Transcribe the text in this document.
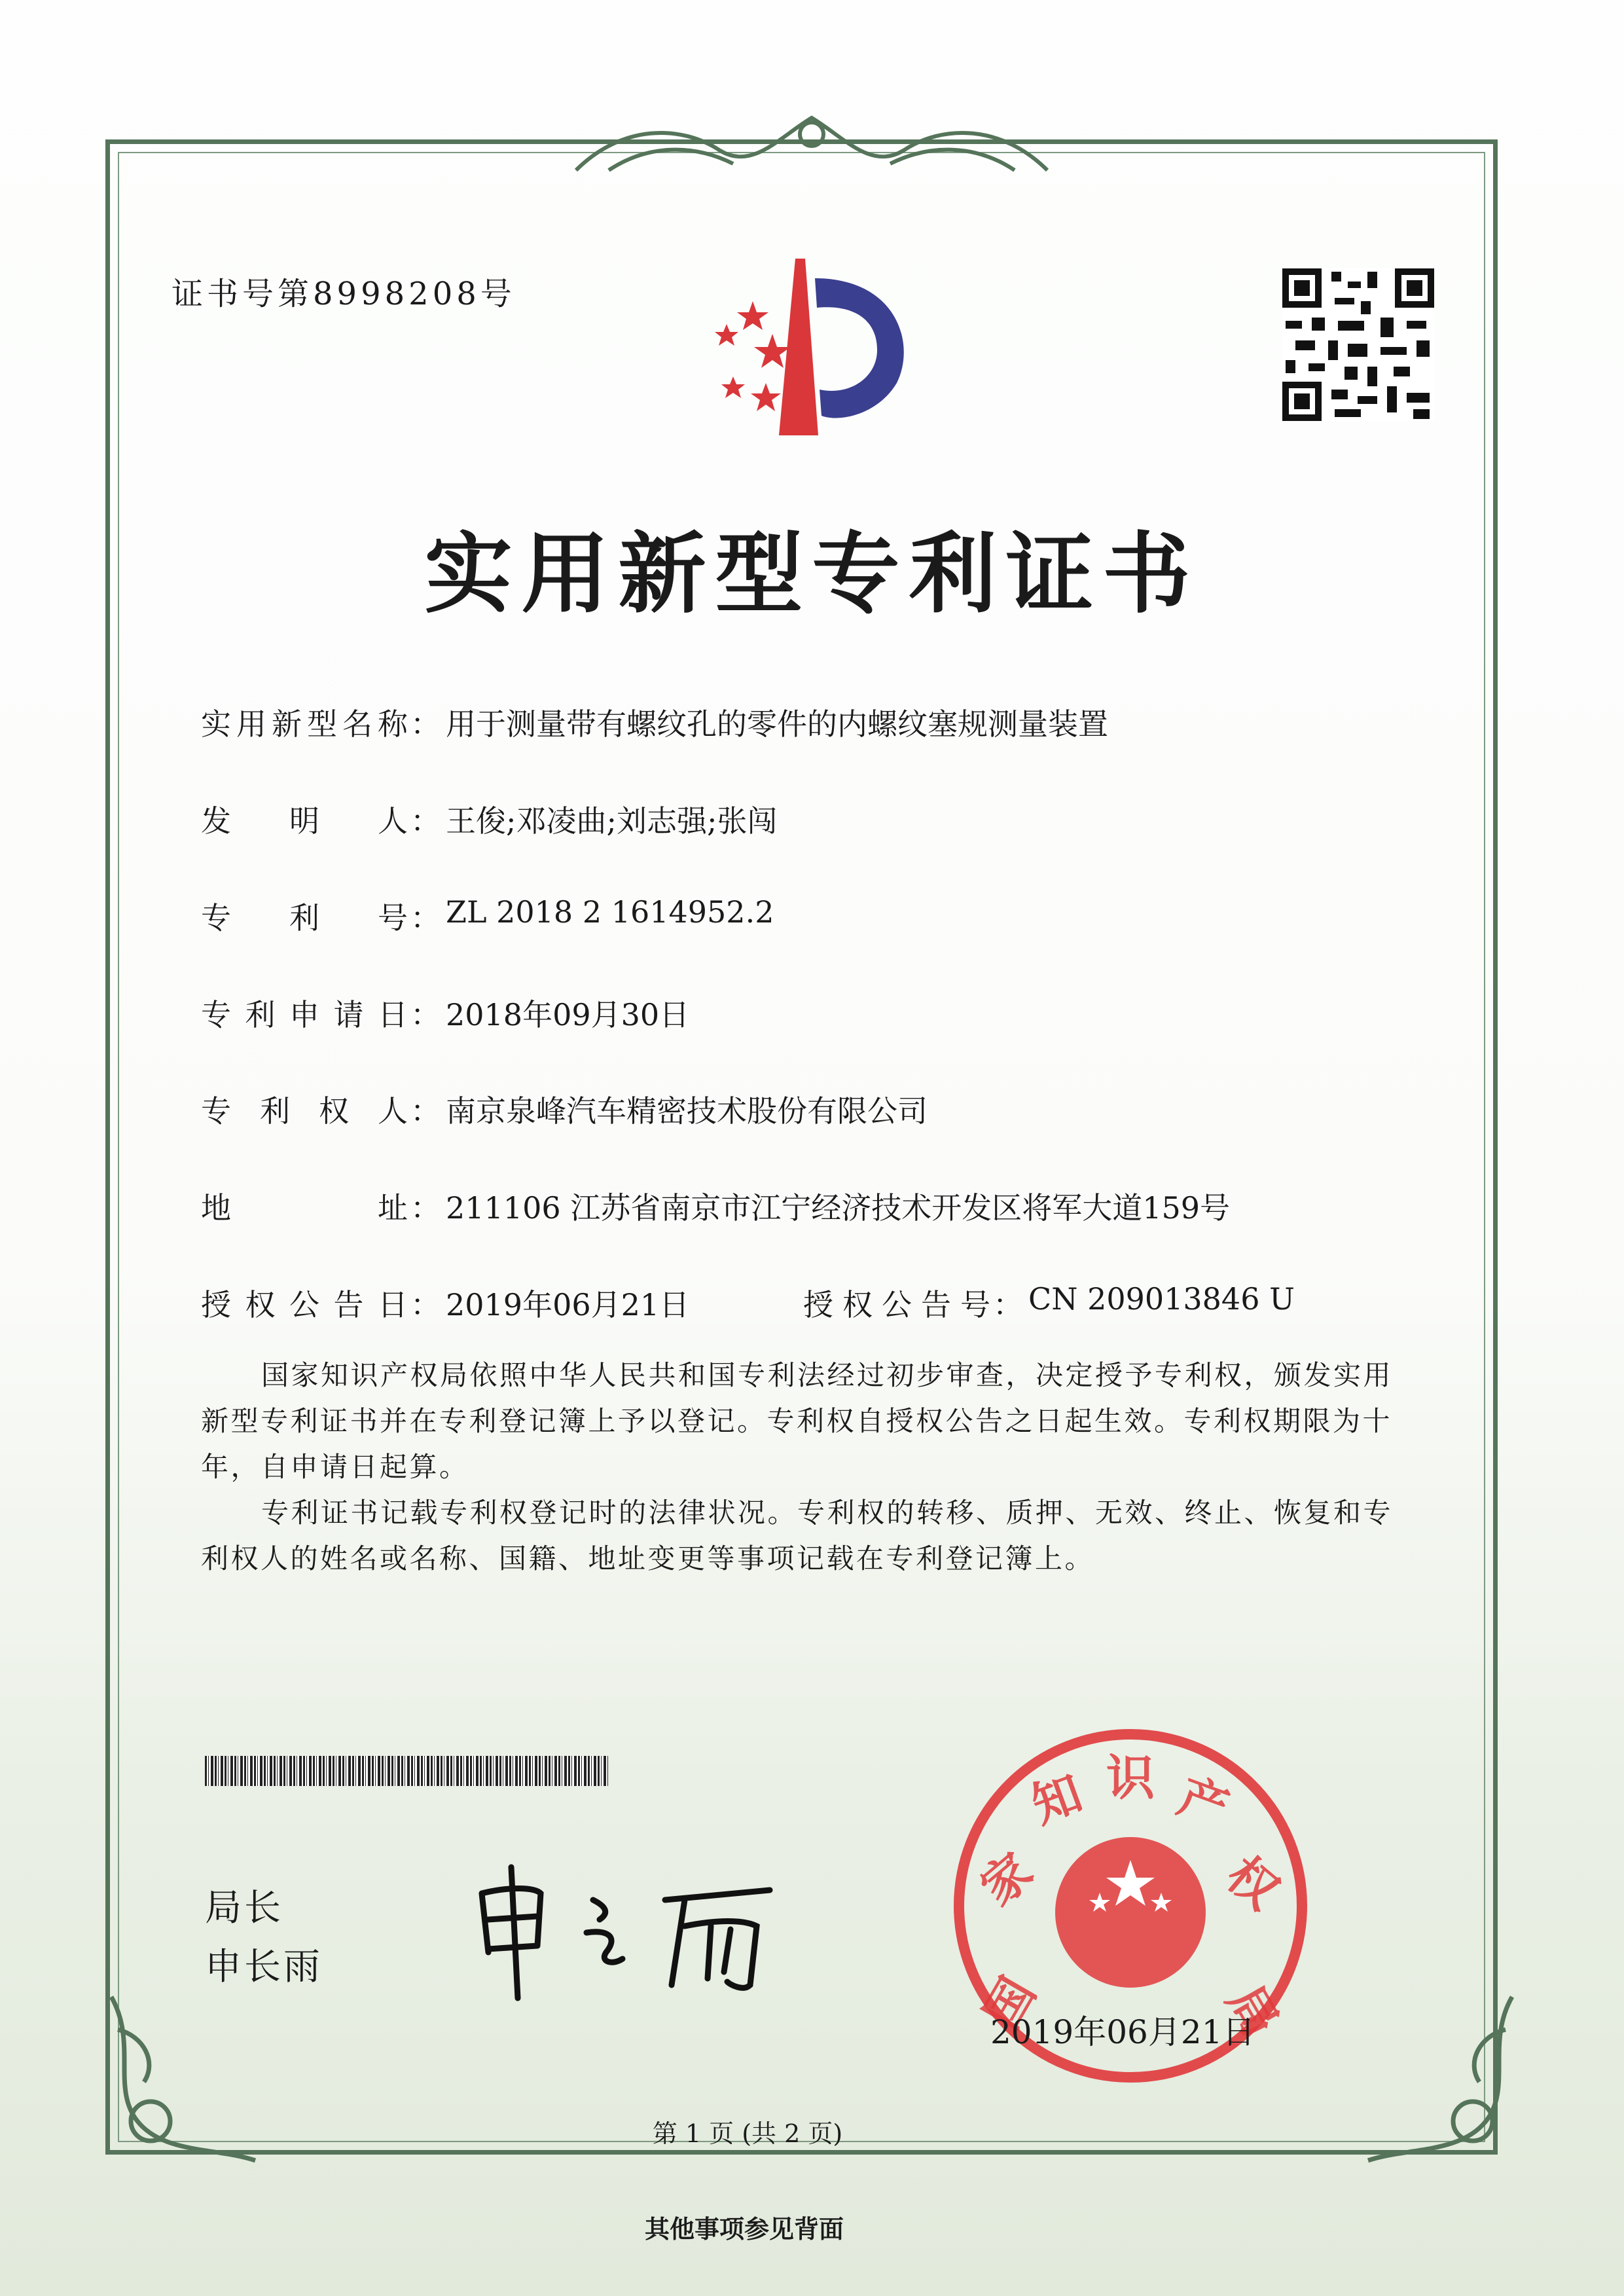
证书号第8998208号
实用新型专利证书
实用新型名称 ： 用于测量带有螺纹孔的零件的内螺纹塞规测量装置
发明人 ： 王俊;邓凌曲;刘志强;张闯
专利号 ： ZL 2018 2 1614952.2
专利申请日 ： 2018年09月30日
专利权人 ： 南京泉峰汽车精密技术股份有限公司
地址 ： 211106 江苏省南京市江宁经济技术开发区将军大道159号
授权公告日 ： 2019年06月21日	授权公告号 ： CN 209013846 U
国家知识产权局依照中华人民共和国专利法经过初步审查，决定授予专利权，颁发实用新型专利证书并在专利登记簿上予以登记。专利权自授权公告之日起生效。专利权期限为十年，自申请日起算。
专利证书记载专利权登记时的法律状况。专利权的转移、质押、无效、终止、恢复和专利权人的姓名或名称、国籍、地址变更等事项记载在专利登记簿上。
局长
申长雨
国
家
知 识 产
权
局
2019年06月21日
第 1 页 (共 2 页)
其他事项参见背面
